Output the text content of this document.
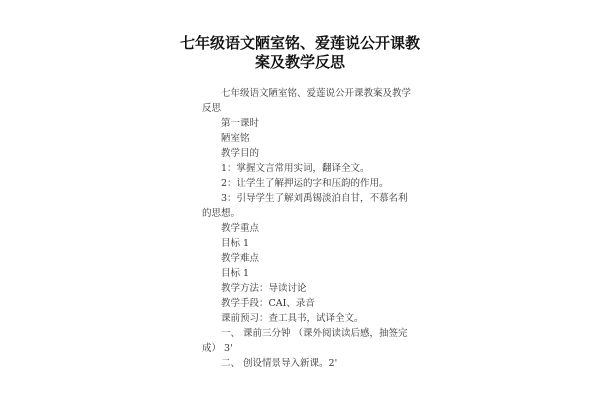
七年级语文陋室铭、爱莲说公开课教
案及教学反思

七年级语文陋室铭、爱莲说公开课教案及教学

反思

第一课时

陋室铭

教学目的

1：掌握文言常用实词，翻译全文。

2：让学生了解押运的字和压韵的作用。

3：引导学生了解刘禹锡淡泊自甘，不慕名利

的思想。

教学重点

目标 1

教学难点

目标 1

教学方法：导读讨论

教学手段：CAI、录音

课前预习：查工具书，试译全文。

一、 课前三分钟 （课外阅读读后感，抽签完

成） 3'

二、 创设情景导入新课。2'
